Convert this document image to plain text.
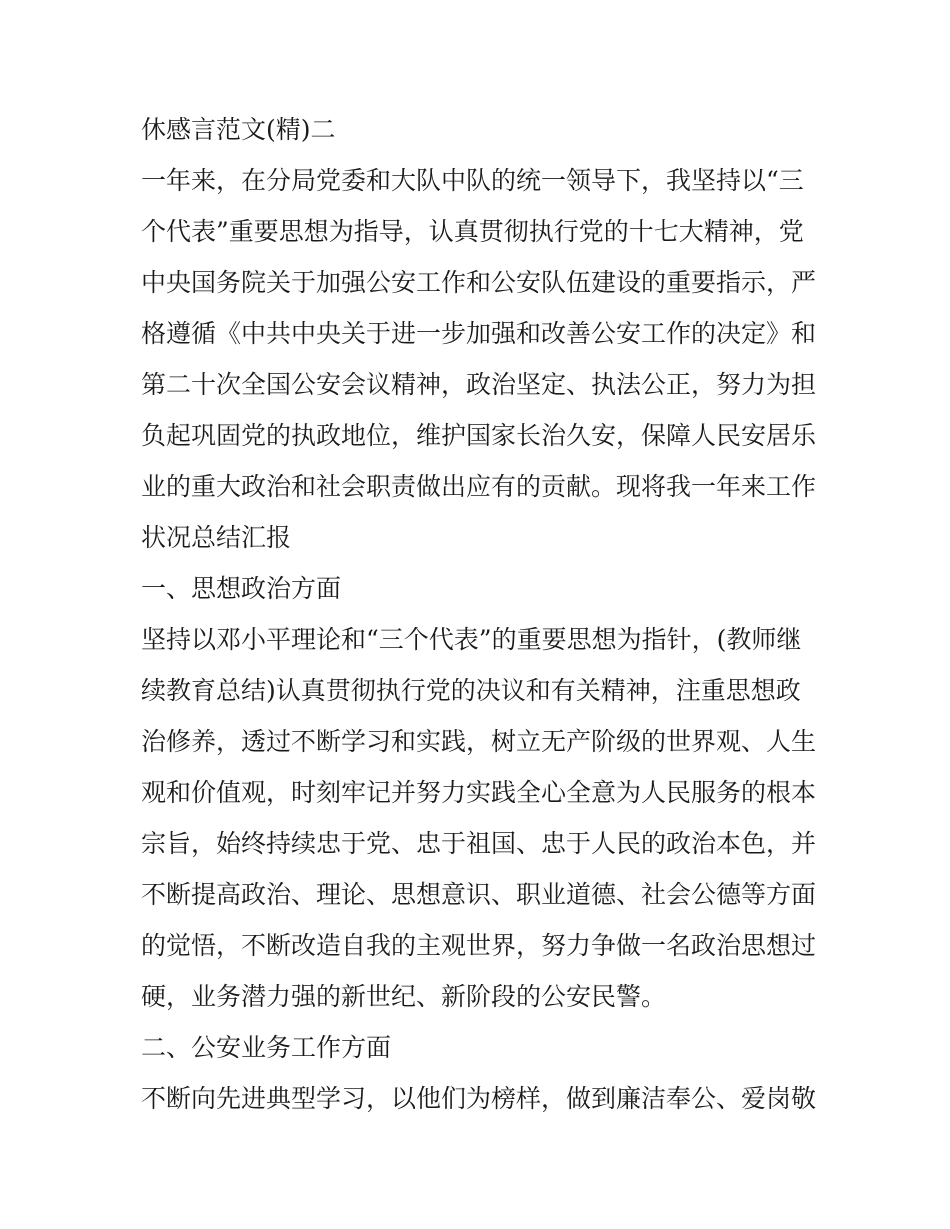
休感言范文(精)二
一年来，在分局党委和大队中队的统一领导下，我坚持以“三
个代表”重要思想为指导，认真贯彻执行党的十七大精神，党
中央国务院关于加强公安工作和公安队伍建设的重要指示，严
格遵循《中共中央关于进一步加强和改善公安工作的决定》和
第二十次全国公安会议精神，政治坚定、执法公正，努力为担
负起巩固党的执政地位，维护国家长治久安，保障人民安居乐
业的重大政治和社会职责做出应有的贡献。现将我一年来工作
状况总结汇报
一、思想政治方面
坚持以邓小平理论和“三个代表”的重要思想为指针，(教师继
续教育总结)认真贯彻执行党的决议和有关精神，注重思想政
治修养，透过不断学习和实践，树立无产阶级的世界观、人生
观和价值观，时刻牢记并努力实践全心全意为人民服务的根本
宗旨，始终持续忠于党、忠于祖国、忠于人民的政治本色，并
不断提高政治、理论、思想意识、职业道德、社会公德等方面
的觉悟，不断改造自我的主观世界，努力争做一名政治思想过
硬，业务潜力强的新世纪、新阶段的公安民警。
二、公安业务工作方面
不断向先进典型学习，以他们为榜样，做到廉洁奉公、爱岗敬
